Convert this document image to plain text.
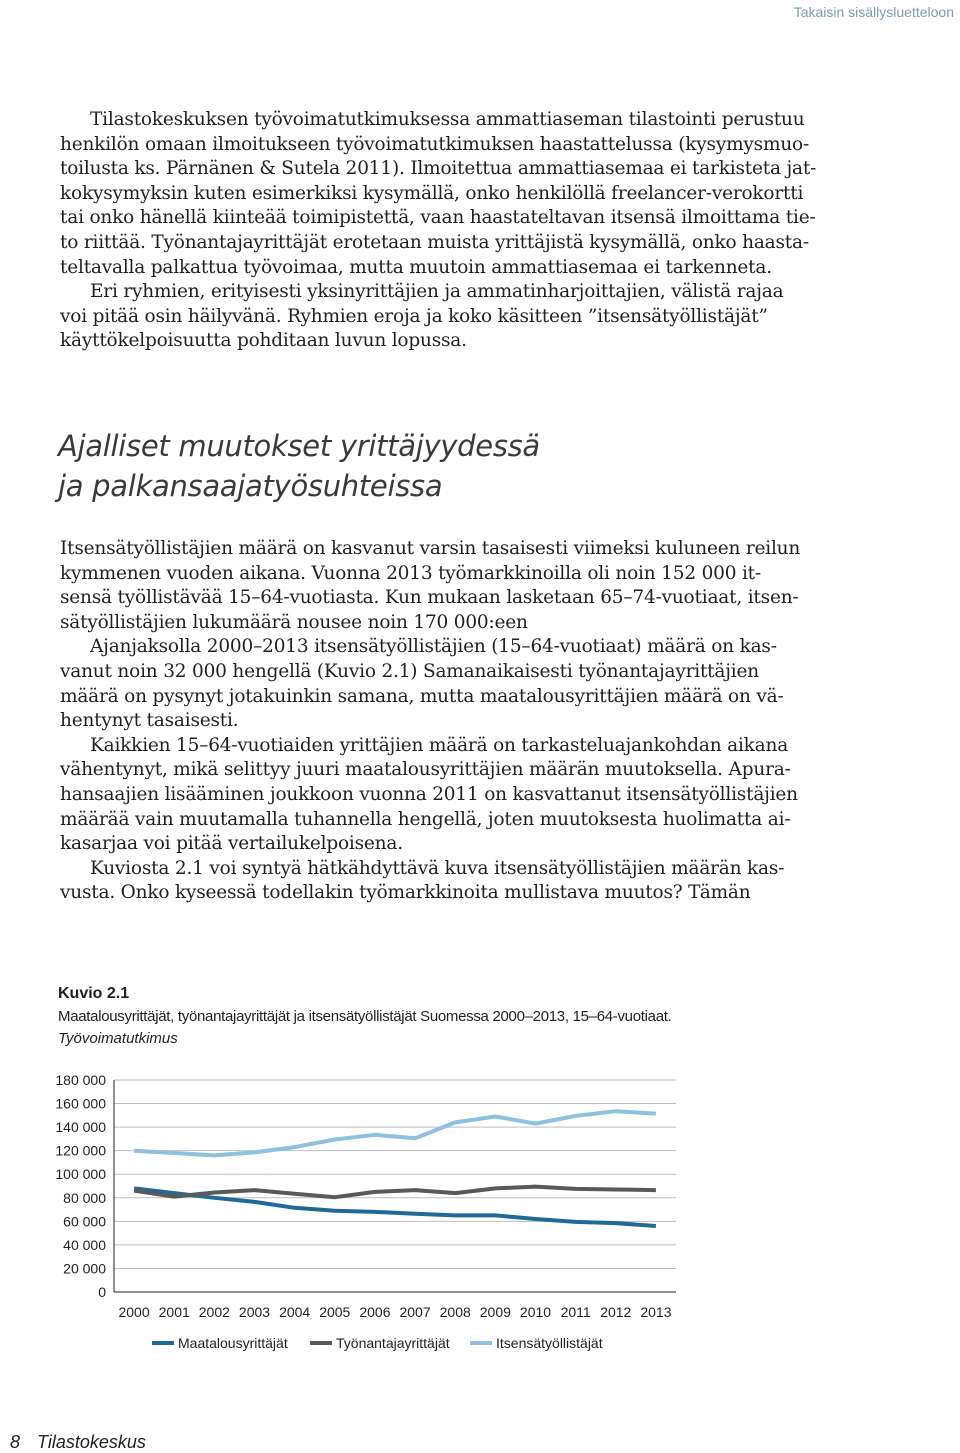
Takaisin sisällysluetteloon
Tilastokeskuksen työvoimatutkimuksessa ammattiaseman tilastointi perustuu
henkilön omaan ilmoitukseen työvoimatutkimuksen haastattelussa (kysymysmuo-
toilusta ks. Pärnänen & Sutela 2011). Ilmoitettua ammattiasemaa ei tarkisteta jat-
kokysymyksin kuten esimerkiksi kysymällä, onko henkilöllä freelancer-verokortti
tai onko hänellä kiinteää toimipistettä, vaan haastateltavan itsensä ilmoittama tie-
to riittää. Työnantajayrittäjät erotetaan muista yrittäjistä kysymällä, onko haasta-
teltavalla palkattua työvoimaa, mutta muutoin ammattiasemaa ei tarkenneta.
Eri ryhmien, erityisesti yksinyrittäjien ja ammatinharjoittajien, välistä rajaa
voi pitää osin häilyvänä. Ryhmien eroja ja koko käsitteen ”itsensätyöllistäjät”
käyttökelpoisuutta pohditaan luvun lopussa.
Ajalliset muutokset yrittäjyydessä
ja palkansaajatyösuhteissa
Itsensätyöllistäjien määrä on kasvanut varsin tasaisesti viimeksi kuluneen reilun
kymmenen vuoden aikana. Vuonna 2013 työmarkkinoilla oli noin 152 000 it-
sensä työllistävää 15–64-vuotiasta. Kun mukaan lasketaan 65–74-vuotiaat, itsen-
sätyöllistäjien lukumäärä nousee noin 170 000:een
Ajanjaksolla 2000–2013 itsensätyöllistäjien (15–64-vuotiaat) määrä on kas-
vanut noin 32 000 hengellä (Kuvio 2.1) Samanaikaisesti työnantajayrittäjien
määrä on pysynyt jotakuinkin samana, mutta maatalousyrittäjien määrä on vä-
hentynyt tasaisesti.
Kaikkien 15–64-vuotiaiden yrittäjien määrä on tarkasteluajankohdan aikana
vähentynyt, mikä selittyy juuri maatalousyrittäjien määrän muutoksella. Apura-
hansaajien lisääminen joukkoon vuonna 2011 on kasvattanut itsensätyöllistäjien
määrää vain muutamalla tuhannella hengellä, joten muutoksesta huolimatta ai-
kasarjaa voi pitää vertailukelpoisena.
Kuviosta 2.1 voi syntyä hätkähdyttävä kuva itsensätyöllistäjien määrän kas-
vusta. Onko kyseessä todellakin työmarkkinoita mullistava muutos? Tämän
Kuvio 2.1
Maatalousyrittäjät, työnantajayrittäjät ja itsensätyöllistäjät Suomessa 2000–2013, 15–64-vuotiaat.
Työvoimatutkimus
0
20 000
40 000
60 000
80 000
100 000
120 000
140 000
160 000
180 000
2000 2001 2002 2003 2004 2005 2006 2007 2008 2009 2010 2011 2012 2013
Maatalousyrittäjät	Työnantajayrittäjät	Itsensätyöllistäjät
8 Tilastokeskus
